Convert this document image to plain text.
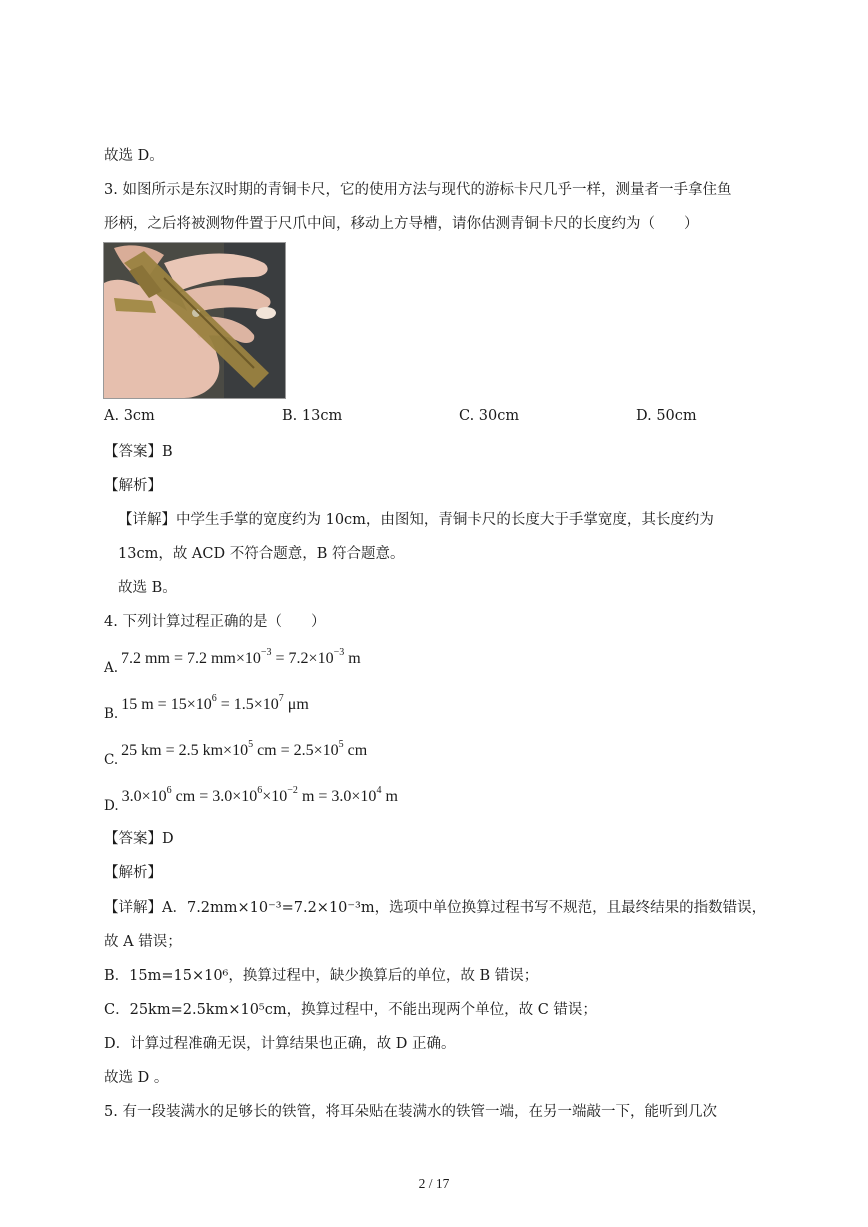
故选 D。
3. 如图所示是东汉时期的青铜卡尺，它的使用方法与现代的游标卡尺几乎一样，测量者一手拿住鱼
形柄，之后将被测物件置于尺爪中间，移动上方导槽，请你估测青铜卡尺的长度约为（　　）
A. 3cm	B. 13cm	C. 30cm	D. 50cm
【答案】B
【解析】
【详解】中学生手掌的宽度约为 10cm，由图知，青铜卡尺的长度大于手掌宽度，其长度约为
13cm，故 ACD 不符合题意，B 符合题意。
故选 B。
4. 下列计算过程正确的是（　　）
$_{A.}$7.2 mm = 7.2 $mm\times 10^{-3} = 7.2\times 10^{-3}$ m
$_{B.}$15 $m = 15\times 10^6 = 1.5\times 10^7$ μm
$_{C.}$25 km = 2.5 $km\times 10^5$ cm = $2.5\times 10^5$ cm
$_{D.}3.0\times 10^6$ cm = $3.0\times 10^6\times 10^{-2}$ $m = 3.0\times 10^4$ m
【答案】D
【解析】
【详解】A．7.2mm×10⁻³=7.2×10⁻³m，选项中单位换算过程书写不规范，且最终结果的指数错误，
故 A 错误；
B．15m=15×10⁶，换算过程中，缺少换算后的单位，故 B 错误；
C．25km=2.5km×10⁵cm，换算过程中，不能出现两个单位，故 C 错误；
D．计算过程准确无误，计算结果也正确，故 D 正确。
故选 D 。
5. 有一段装满水的足够长的铁管，将耳朵贴在装满水的铁管一端，在另一端敲一下，能听到几次
2 / 17
